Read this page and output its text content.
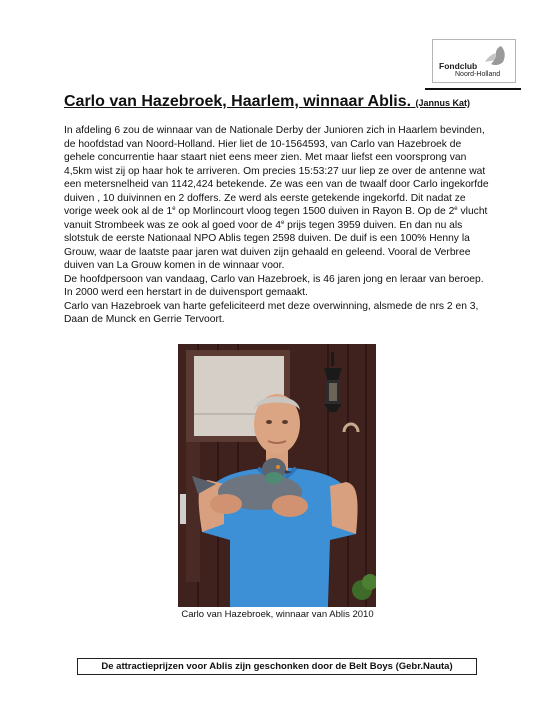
Fondclub
Noord-Holland
Carlo van Hazebroek, Haarlem, winnaar Ablis. (Jannus Kat)
In afdeling 6 zou de winnaar van de Nationale Derby der Junioren zich in Haarlem bevinden,
de hoofdstad van Noord-Holland. Hier liet de 10-1564593, van Carlo van Hazebroek de
gehele concurrentie haar staart niet eens meer zien. Met maar liefst een voorsprong van
4,5km wist zij op haar hok te arriveren. Om precies 15:53:27 uur liep ze over de antenne wat
een metersnelheid van 1142,424 betekende. Ze was een van de twaalf door Carlo ingekorfde
duiven , 10 duivinnen en 2 doffers. Ze werd als eerste getekende ingekorfd. Dit nadat ze
vorige week ook al de 1e op Morlincourt vloog tegen 1500 duiven in Rayon B. Op de 2e vlucht
vanuit Strombeek was ze ook al goed voor de 4e prijs tegen 3959 duiven. En dan nu als
slotstuk de eerste Nationaal NPO Ablis tegen 2598 duiven. De duif is een 100% Henny la
Grouw, waar de laatste paar jaren wat duiven zijn gehaald en geleend. Vooral de Verbree
duiven van La Grouw komen in de winnaar voor.
De hoofdpersoon van vandaag, Carlo van Hazebroek, is 46 jaren jong en leraar van beroep.
In 2000 werd een herstart in de duivensport gemaakt.
Carlo van Hazebroek van harte gefeliciteerd met deze overwinning, alsmede de nrs 2 en 3,
Daan de Munck en Gerrie Tervoort.
Carlo van Hazebroek, winnaar van Ablis 2010
De attractieprijzen voor Ablis zijn geschonken door de Belt Boys (Gebr.Nauta)
